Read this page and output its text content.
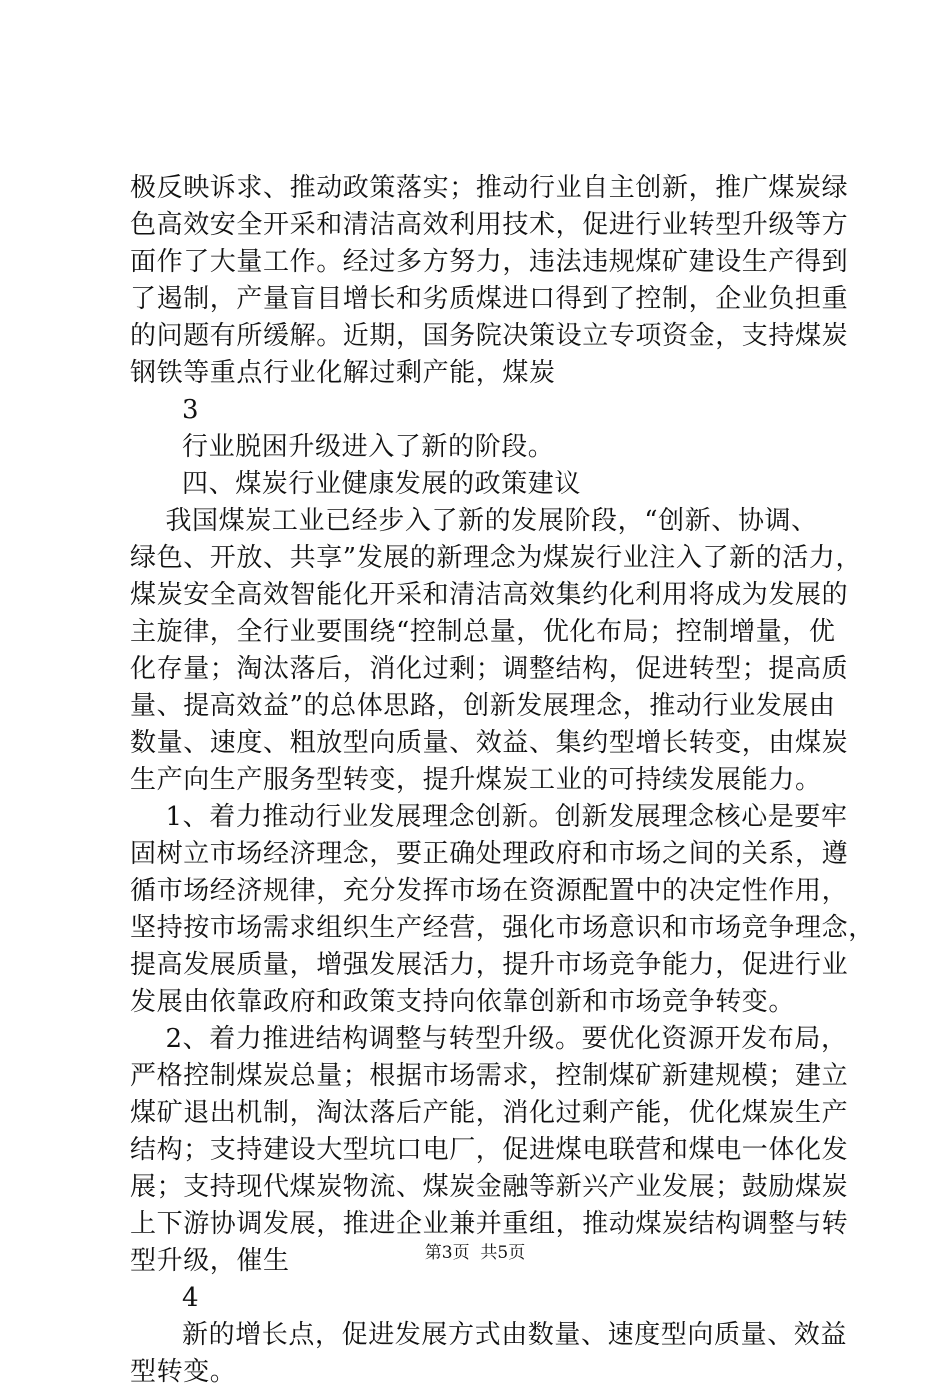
极反映诉求、推动政策落实；推动行业自主创新，推广煤炭绿
色高效安全开采和清洁高效利用技术，促进行业转型升级等方
面作了大量工作。经过多方努力，违法违规煤矿建设生产得到
了遏制，产量盲目增长和劣质煤进口得到了控制，企业负担重
的问题有所缓解。近期，国务院决策设立专项资金，支持煤炭
钢铁等重点行业化解过剩产能，煤炭
3
行业脱困升级进入了新的阶段。
四、煤炭行业健康发展的政策建议
我国煤炭工业已经步入了新的发展阶段，“创新、协调、
绿色、开放、共享”发展的新理念为煤炭行业注入了新的活力，
煤炭安全高效智能化开采和清洁高效集约化利用将成为发展的
主旋律，全行业要围绕“控制总量，优化布局；控制增量，优
化存量；淘汰落后，消化过剩；调整结构，促进转型；提高质
量、提高效益”的总体思路，创新发展理念，推动行业发展由
数量、速度、粗放型向质量、效益、集约型增长转变，由煤炭
生产向生产服务型转变，提升煤炭工业的可持续发展能力。
1、着力推动行业发展理念创新。创新发展理念核心是要牢
固树立市场经济理念，要正确处理政府和市场之间的关系，遵
循市场经济规律，充分发挥市场在资源配置中的决定性作用，
坚持按市场需求组织生产经营，强化市场意识和市场竞争理念，
提高发展质量，增强发展活力，提升市场竞争能力，促进行业
发展由依靠政府和政策支持向依靠创新和市场竞争转变。
2、着力推进结构调整与转型升级。要优化资源开发布局，
严格控制煤炭总量；根据市场需求，控制煤矿新建规模；建立
煤矿退出机制，淘汰落后产能，消化过剩产能，优化煤炭生产
结构；支持建设大型坑口电厂，促进煤电联营和煤电一体化发
展；支持现代煤炭物流、煤炭金融等新兴产业发展；鼓励煤炭
上下游协调发展，推进企业兼并重组，推动煤炭结构调整与转
型升级，催生
4
新的增长点，促进发展方式由数量、速度型向质量、效益
型转变。
第3页  共5页
